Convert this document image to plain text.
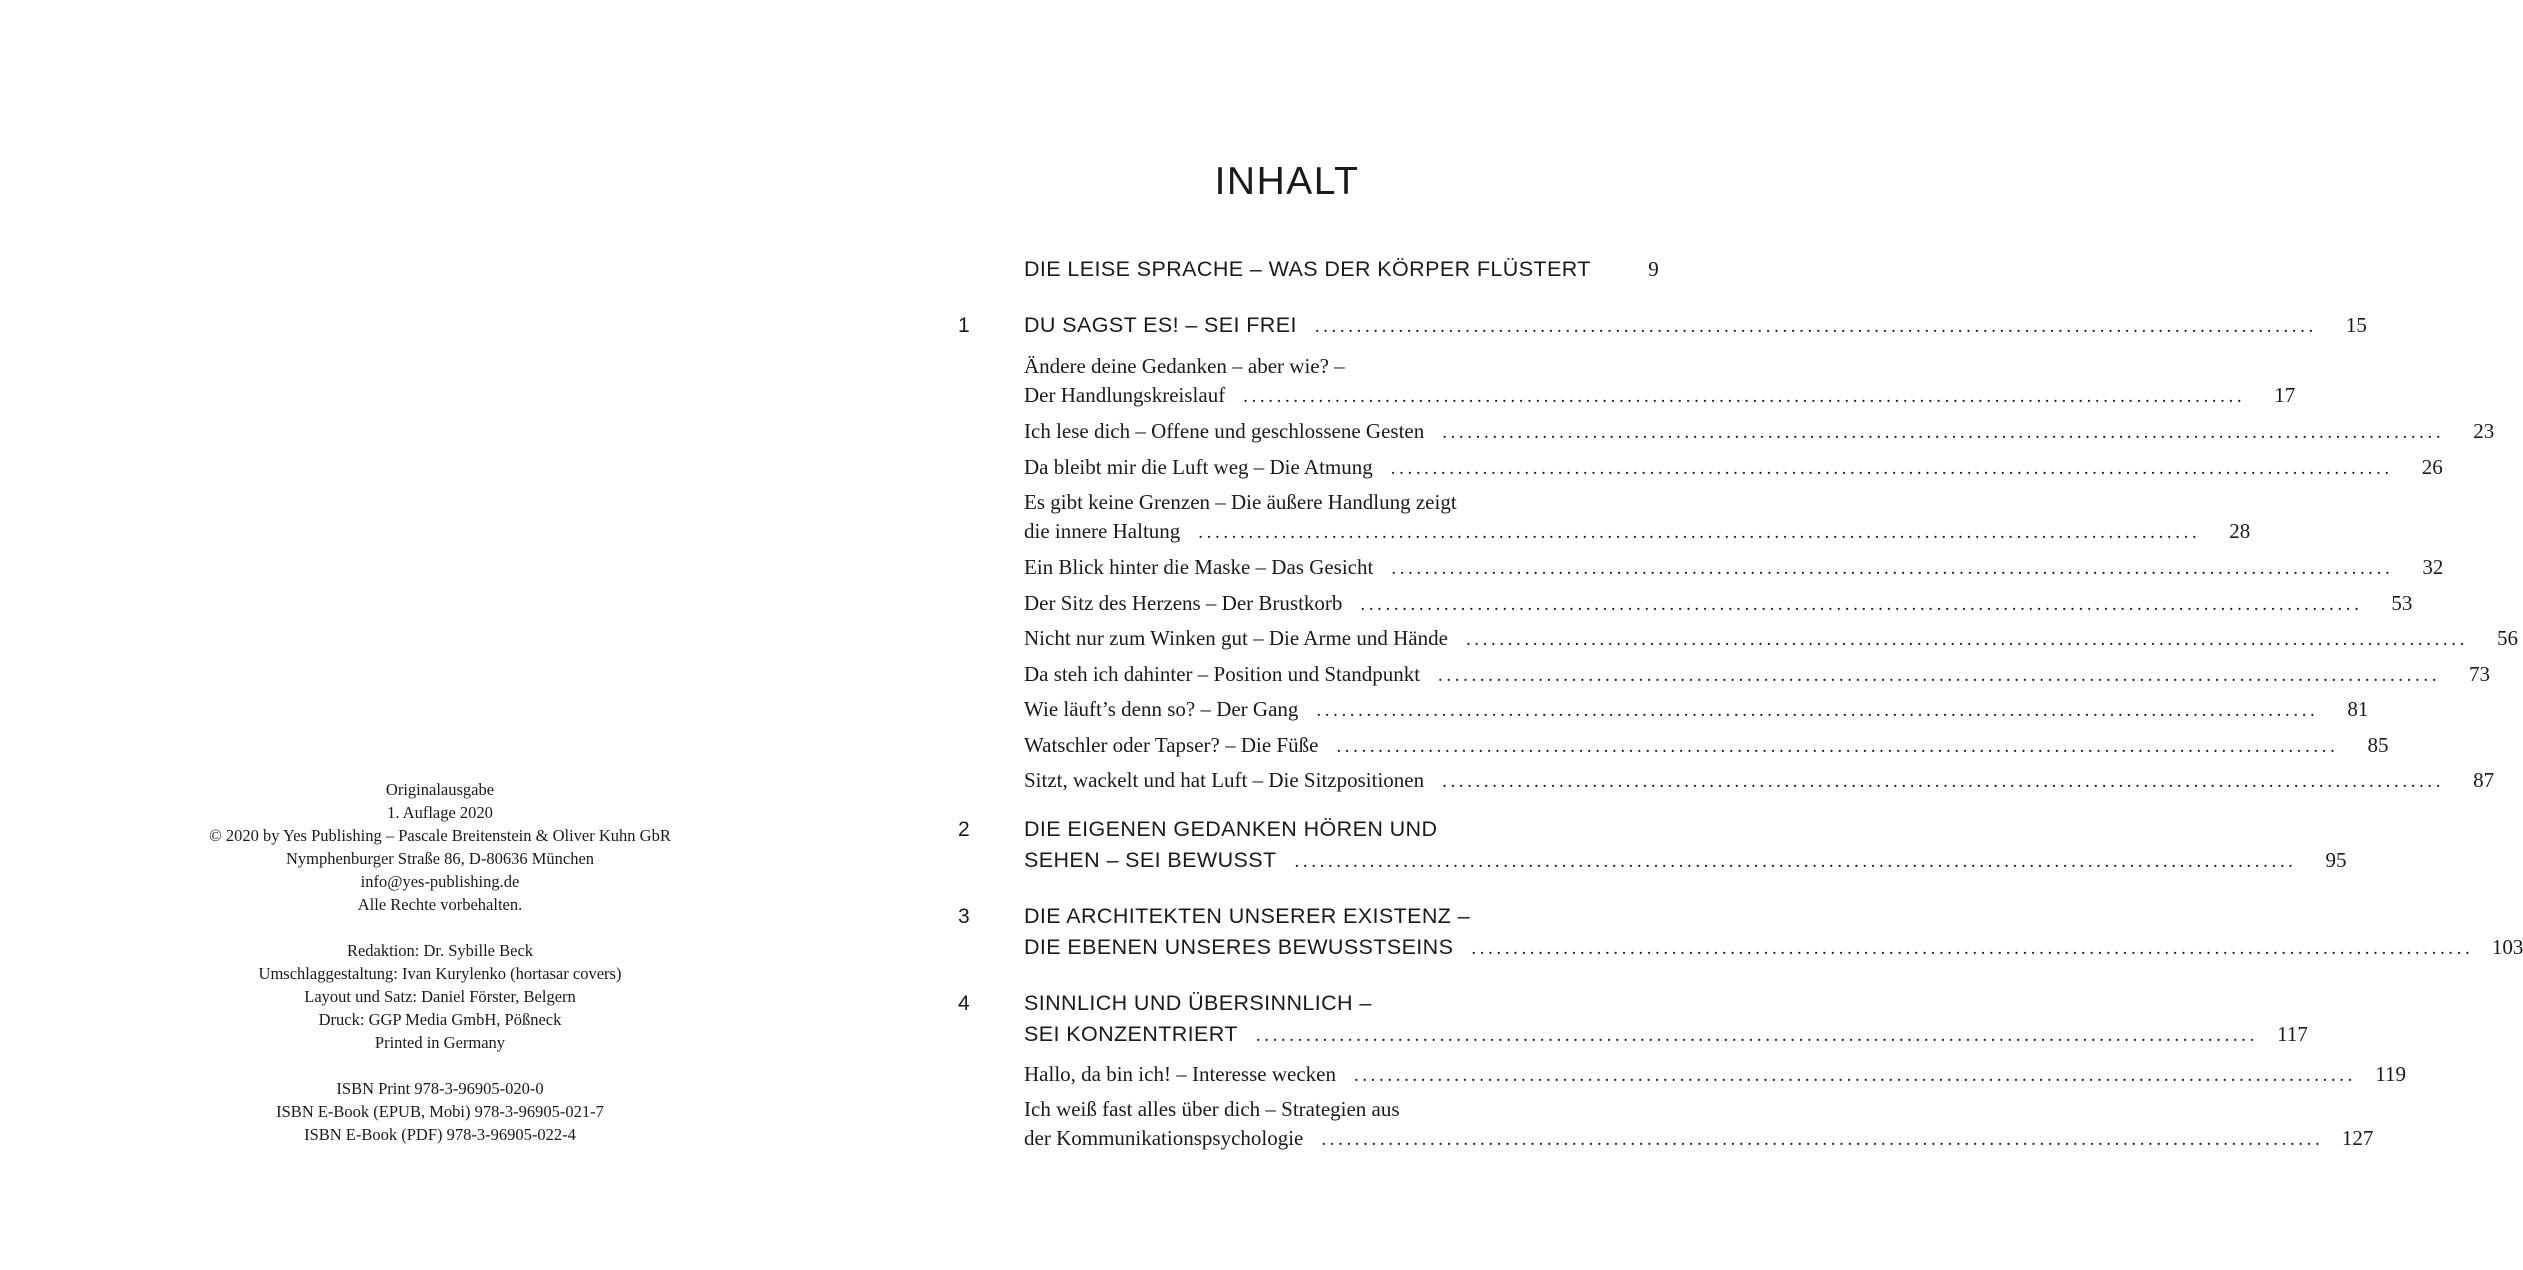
Originalausgabe
1. Auflage 2020
© 2020 by Yes Publishing – Pascale Breitenstein & Oliver Kuhn GbR
Nymphenburger Straße 86, D-80636 München
info@yes-publishing.de
Alle Rechte vorbehalten.
Redaktion: Dr. Sybille Beck
Umschlaggestaltung: Ivan Kurylenko (hortasar covers)
Layout und Satz: Daniel Förster, Belgern
Druck: GGP Media GmbH, Pößneck
Printed in Germany
ISBN Print 978-3-96905-020-0
ISBN E-Book (EPUB, Mobi) 978-3-96905-021-7
ISBN E-Book (PDF) 978-3-96905-022-4
INHALT
DIE LEISE SPRACHE – WAS DER KÖRPER FLÜSTERT	9
1	DU SAGST ES! – SEI FREI ........................................................................................................................	15
Ändere deine Gedanken – aber wie? –
Der Handlungskreislauf ........................................................................................................................	17
Ich lese dich – Offene und geschlossene Gesten ........................................................................................................................	23
Da bleibt mir die Luft weg – Die Atmung ........................................................................................................................	26
Es gibt keine Grenzen – Die äußere Handlung zeigt
die innere Haltung ........................................................................................................................	28
Ein Blick hinter die Maske – Das Gesicht ........................................................................................................................	32
Der Sitz des Herzens – Der Brustkorb ........................................................................................................................	53
Nicht nur zum Winken gut – Die Arme und Hände ........................................................................................................................	56
Da steh ich dahinter – Position und Standpunkt ........................................................................................................................	73
Wie läuft’s denn so? – Der Gang ........................................................................................................................	81
Watschler oder Tapser? – Die Füße ........................................................................................................................	85
Sitzt, wackelt und hat Luft – Die Sitzpositionen ........................................................................................................................	87
2	DIE EIGENEN GEDANKEN HÖREN UND
SEHEN – SEI BEWUSST ........................................................................................................................	95
3	DIE ARCHITEKTEN UNSERER EXISTENZ –
DIE EBENEN UNSERES BEWUSSTSEINS ........................................................................................................................ 103
4	SINNLICH UND ÜBERSINNLICH –
SEI KONZENTRIERT ........................................................................................................................ 117
Hallo, da bin ich! – Interesse wecken ........................................................................................................................ 119
Ich weiß fast alles über dich – Strategien aus
der Kommunikationspsychologie ........................................................................................................................ 127
